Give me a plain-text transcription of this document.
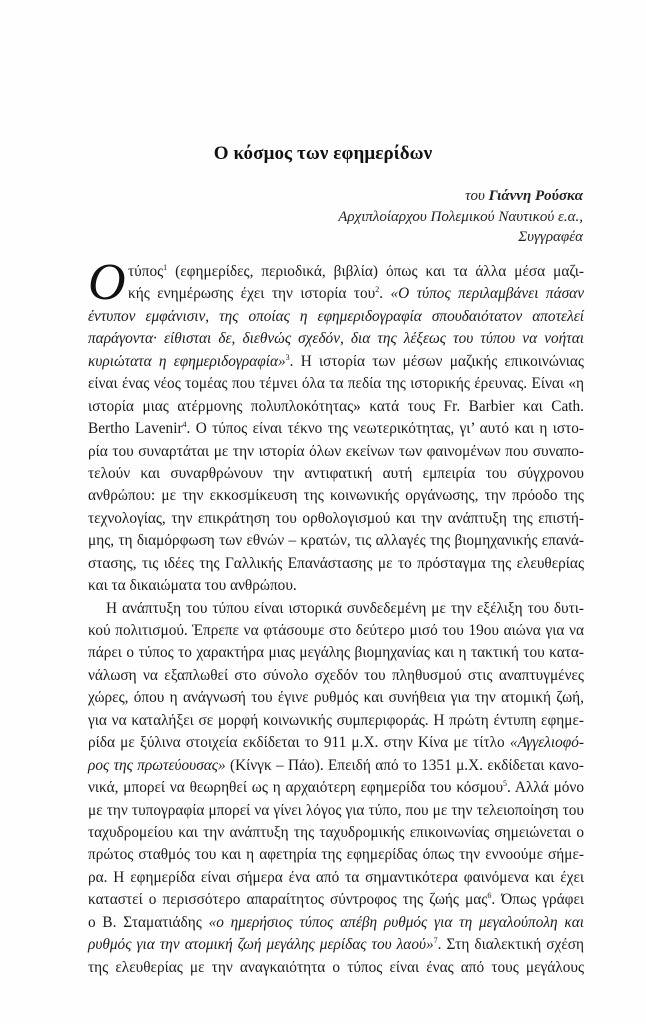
Ο κόσμος των εφημερίδων
του Γιάννη Ρούσκα
Αρχιπλοίαρχου Πολεμικού Ναυτικού ε.α.,
Συγγραφέα
Ο τύπος$^1$ (εφημερίδες, περιοδικά, βιβλία) όπως και τα άλλα μέσα μαζι-
κής ενημέρωσης έχει την ιστορία του$^2$. «Ο τύπος περιλαμβάνει πάσαν
έντυπον εμφάνισιν, της οποίας η εφημεριδογραφία σπουδαιότατον αποτελεί
παράγοντα· είθισται δε, διεθνώς σχεδόν, δια της λέξεως του τύπου να νοήται
κυριώτατα η εφημεριδογραφία»$^3$. Η ιστορία των μέσων μαζικής επικοινώνιας
είναι ένας νέος τομέας που τέμνει όλα τα πεδία της ιστορικής έρευνας. Είναι «η
ιστορία μιας ατέρμονης πολυπλοκότητας» κατά τους Fr. Barbier και Cath.
Bertho Lavenir$^4$. Ο τύπος είναι τέκνο της νεωτερικότητας, γι’ αυτό και η ιστο-
ρία του συναρτάται με την ιστορία όλων εκείνων των φαινομένων που συναπο-
τελούν και συναρθρώνουν την αντιφατική αυτή εμπειρία του σύγχρονου
ανθρώπου: με την εκκοσμίκευση της κοινωνικής οργάνωσης, την πρόοδο της
τεχνολογίας, την επικράτηση του ορθολογισμού και την ανάπτυξη της επιστή-
μης, τη διαμόρφωση των εθνών – κρατών, τις αλλαγές της βιομηχανικής επανά-
στασης, τις ιδέες της Γαλλικής Επανάστασης με το πρόσταγμα της ελευθερίας
και τα δικαιώματα του ανθρώπου.
Η ανάπτυξη του τύπου είναι ιστορικά συνδεδεμένη με την εξέλιξη του δυτι-
κού πολιτισμού. Έπρεπε να φτάσουμε στο δεύτερο μισό του 19ου αιώνα για να
πάρει ο τύπος το χαρακτήρα μιας μεγάλης βιομηχανίας και η τακτική του κατα-
νάλωση να εξαπλωθεί στο σύνολο σχεδόν του πληθυσμού στις αναπτυγμένες
χώρες, όπου η ανάγνωσή του έγινε ρυθμός και συνήθεια για την ατομική ζωή,
για να καταλήξει σε μορφή κοινωνικής συμπεριφοράς. Η πρώτη έντυπη εφημε-
ρίδα με ξύλινα στοιχεία εκδίδεται το 911 μ.Χ. στην Κίνα με τίτλο «Αγγελιοφό-
ρος της πρωτεύουσας» (Κίνγκ – Πάο). Επειδή από το 1351 μ.Χ. εκδίδεται κανο-
νικά, μπορεί να θεωρηθεί ως η αρχαιότερη εφημερίδα του κόσμου$^5$. Αλλά μόνο
με την τυπογραφία μπορεί να γίνει λόγος για τύπο, που με την τελειοποίηση του
ταχυδρομείου και την ανάπτυξη της ταχυδρομικής επικοινωνίας σημειώνεται ο
πρώτος σταθμός του και η αφετηρία της εφημερίδας όπως την εννοούμε σήμε-
ρα. Η εφημερίδα είναι σήμερα ένα από τα σημαντικότερα φαινόμενα και έχει
καταστεί ο περισσότερο απαραίτητος σύντροφος της ζωής μας$^6$. Όπως γράφει
ο Β. Σταματιάδης «ο ημερήσιος τύπος απέβη ρυθμός για τη μεγαλούπολη και
ρυθμός για την ατομική ζωή μεγάλης μερίδας του λαού»$^7$. Στη διαλεκτική σχέση
της ελευθερίας με την αναγκαιότητα ο τύπος είναι ένας από τους μεγάλους
